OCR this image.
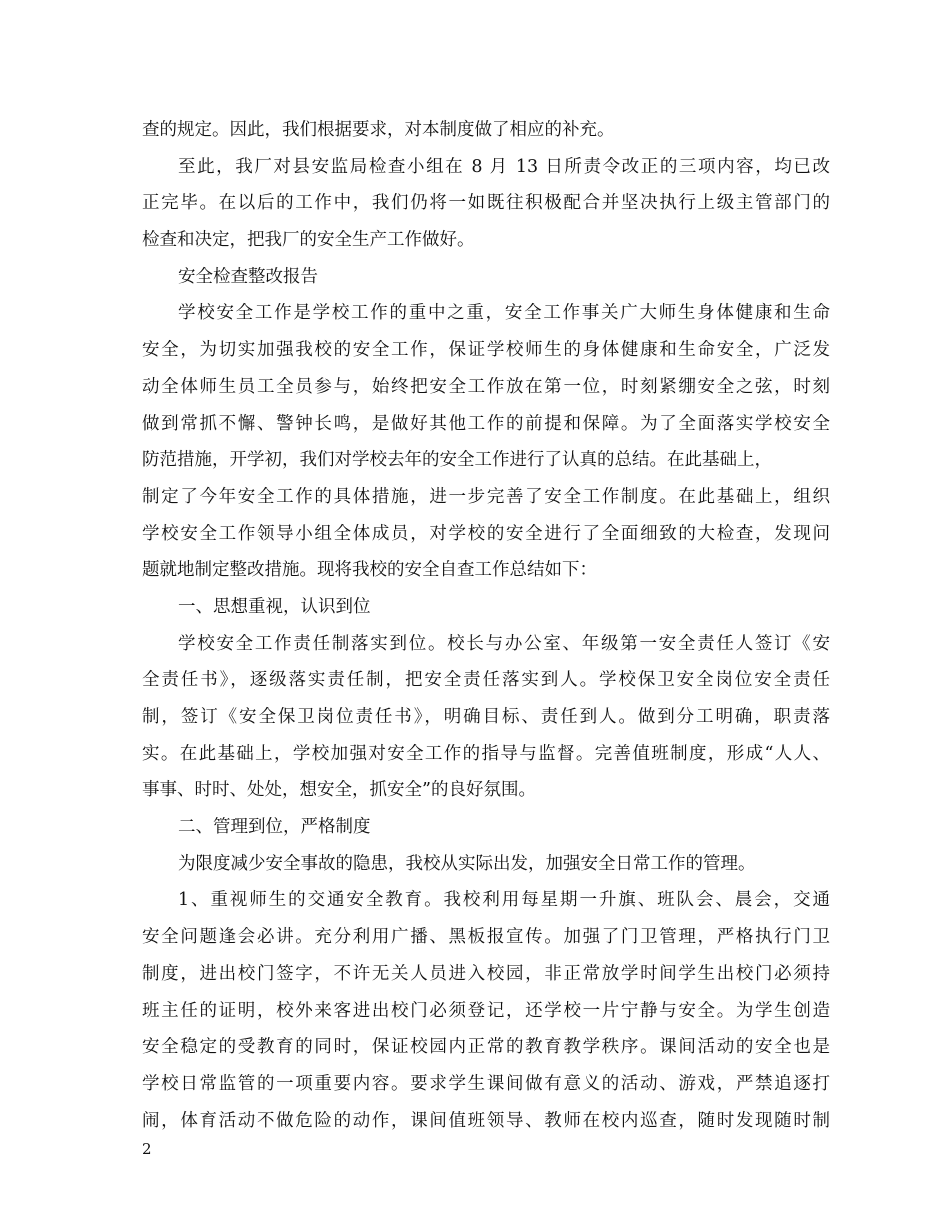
查的规定。因此，我们根据要求，对本制度做了相应的补充。
至此，我厂对县安监局检查小组在 8 月 13 日所责令改正的三项内容，均已改
正完毕。在以后的工作中，我们仍将一如既往积极配合并坚决执行上级主管部门的
检查和决定，把我厂的安全生产工作做好。
安全检查整改报告
学校安全工作是学校工作的重中之重，安全工作事关广大师生身体健康和生命
安全，为切实加强我校的安全工作，保证学校师生的身体健康和生命安全，广泛发
动全体师生员工全员参与，始终把安全工作放在第一位，时刻紧绷安全之弦，时刻
做到常抓不懈、警钟长鸣，是做好其他工作的前提和保障。为了全面落实学校安全
防范措施，开学初，我们对学校去年的安全工作进行了认真的总结。在此基础上，
制定了今年安全工作的具体措施，进一步完善了安全工作制度。在此基础上，组织
学校安全工作领导小组全体成员，对学校的安全进行了全面细致的大检查，发现问
题就地制定整改措施。现将我校的安全自查工作总结如下：
一、思想重视，认识到位
学校安全工作责任制落实到位。校长与办公室、年级第一安全责任人签订《安
全责任书》，逐级落实责任制，把安全责任落实到人。学校保卫安全岗位安全责任
制，签订《安全保卫岗位责任书》，明确目标、责任到人。做到分工明确，职责落
实。在此基础上，学校加强对安全工作的指导与监督。完善值班制度，形成“人人、
事事、时时、处处，想安全，抓安全”的良好氛围。
二、管理到位，严格制度
为限度减少安全事故的隐患，我校从实际出发，加强安全日常工作的管理。
1、重视师生的交通安全教育。我校利用每星期一升旗、班队会、晨会，交通
安全问题逢会必讲。充分利用广播、黑板报宣传。加强了门卫管理，严格执行门卫
制度，进出校门签字，不许无关人员进入校园，非正常放学时间学生出校门必须持
班主任的证明，校外来客进出校门必须登记，还学校一片宁静与安全。为学生创造
安全稳定的受教育的同时，保证校园内正常的教育教学秩序。课间活动的安全也是
学校日常监管的一项重要内容。要求学生课间做有意义的活动、游戏，严禁追逐打
闹，体育活动不做危险的动作，课间值班领导、教师在校内巡查，随时发现随时制
2
